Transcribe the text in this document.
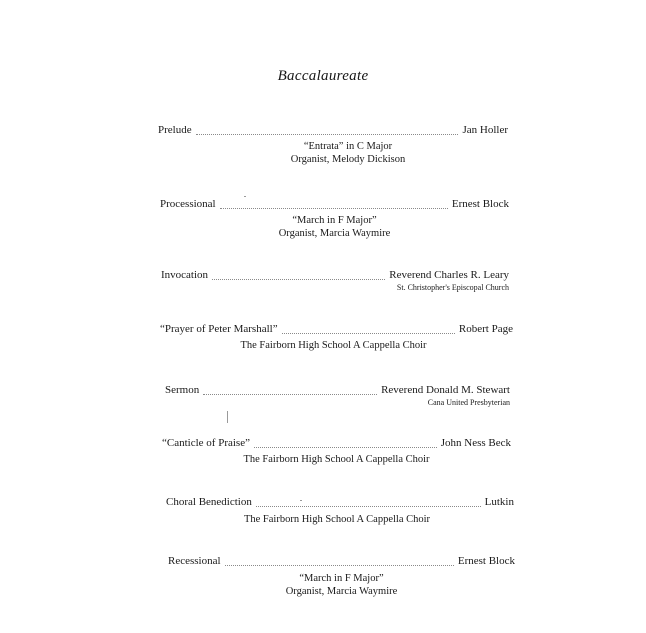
Baccalaureate
Prelude	Jan Holler
“Entrata” in C Major
Organist, Melody Dickison
Processional	Ernest Block
“March in F Major”
Organist, Marcia Waymire
Invocation	Reverend Charles R. Leary
St. Christopher's Episcopal Church
“Prayer of Peter Marshall”	Robert Page
The Fairborn High School A Cappella Choir
Sermon	Reverend Donald M. Stewart
Cana United Presbyterian
“Canticle of Praise”	John Ness Beck
The Fairborn High School A Cappella Choir
Choral Benediction	Lutkin
The Fairborn High School A Cappella Choir
Recessional	Ernest Block
“March in F Major”
Organist, Marcia Waymire
